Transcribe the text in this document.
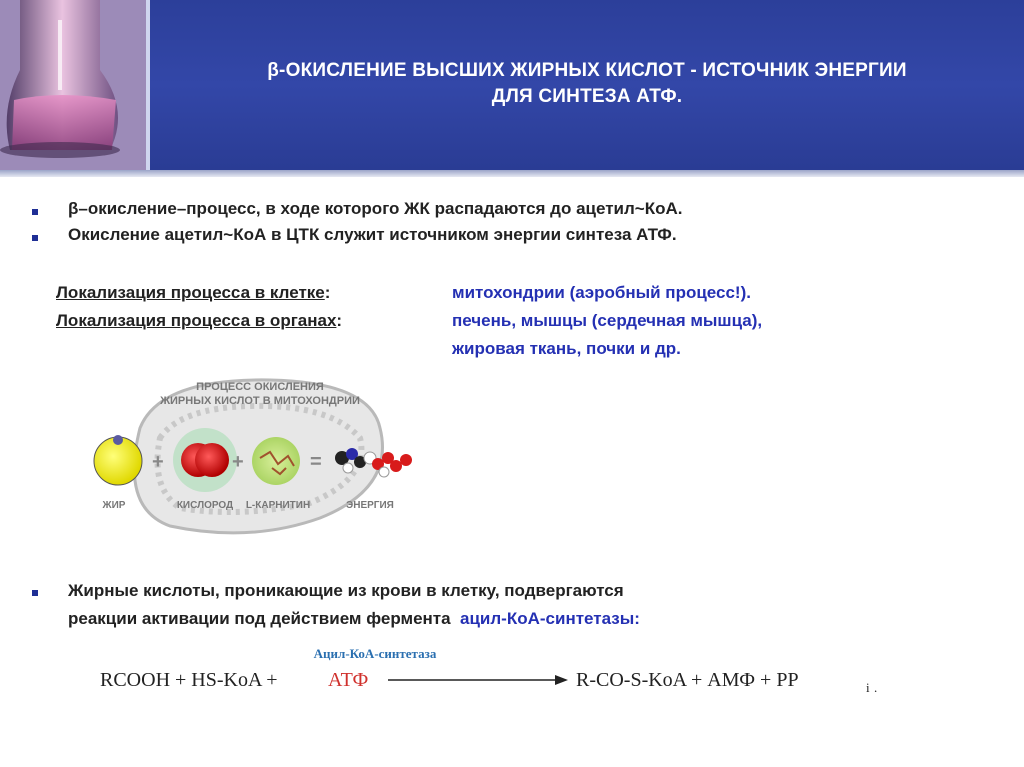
β-ОКИСЛЕНИЕ ВЫСШИХ ЖИРНЫХ КИСЛОТ - ИСТОЧНИК ЭНЕРГИИ
ДЛЯ СИНТЕЗА АТФ.
β–окисление–процесс, в ходе которого ЖК распадаются до ацетил~КоА.
Окисление ацетил~КоА в ЦТК служит источником энергии синтеза АТФ.
Локализация процесса в клетке:	митохондрии (аэробный процесс!).
Локализация процесса в органах:	печень, мышцы (сердечная мышца),
жировая ткань, почки и др.
ПРОЦЕСС ОКИСЛЕНИЯ
ЖИРНЫХ КИСЛОТ В МИТОХОНДРИИ
+	+	=
ЖИР	КИСЛОРОД L-КАРНИТИН	ЭНЕРГИЯ
Жирные кислоты, проникающие из крови в клетку, подвергаются
реакции активации под действием фермента ацил-КоА-синтетазы:
Ацил-КоА-синтетаза
RCOOH + HS-KoA +	АТФ	R-CO-S-KoA + АМФ + PP	i .
